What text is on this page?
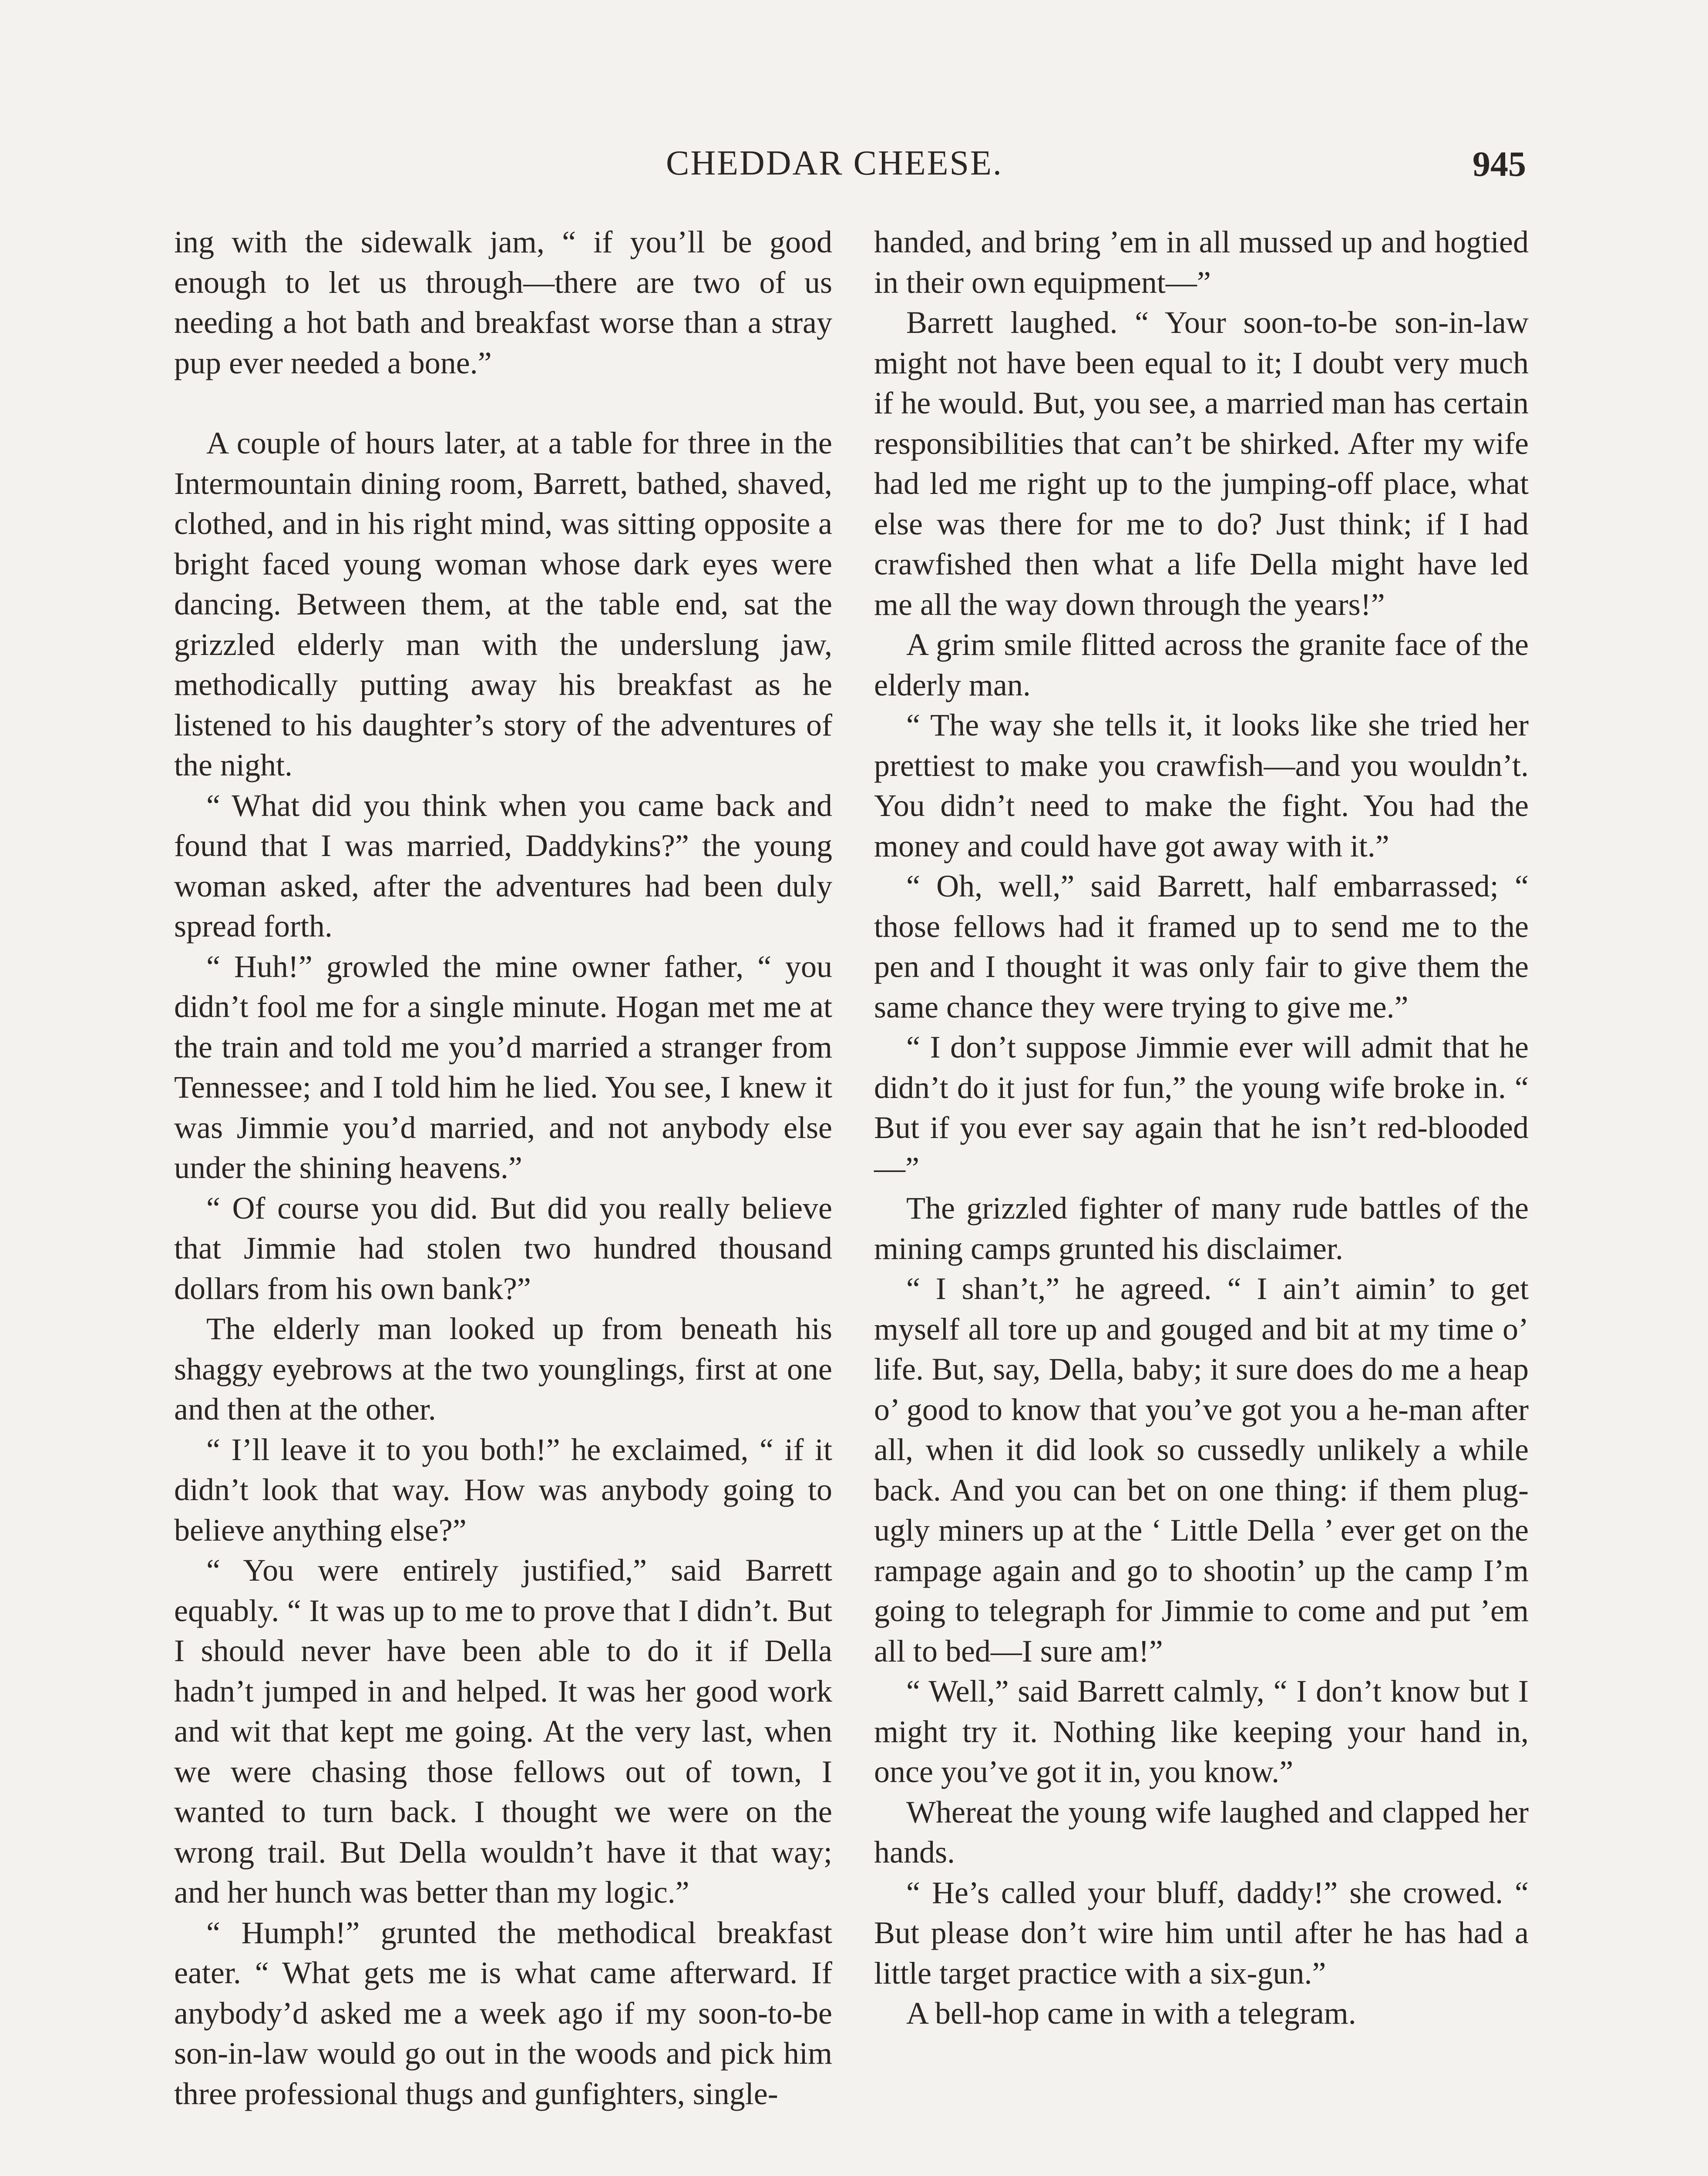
CHEDDAR CHEESE.	945

ing with the sidewalk jam, “ if you’ll be good enough to let us through—there are two of us needing a hot bath and breakfast worse than a stray pup ever needed a bone.”

A couple of hours later, at a table for three in the Intermountain dining room, Barrett, bathed, shaved, clothed, and in his right mind, was sitting opposite a bright faced young woman whose dark eyes were dancing. Between them, at the table end, sat the grizzled elderly man with the underslung jaw, methodically putting away his breakfast as he listened to his daughter’s story of the adventures of the night.

“ What did you think when you came back and found that I was married, Daddykins?” the young woman asked, after the adventures had been duly spread forth.

“ Huh!” growled the mine owner father, “ you didn’t fool me for a single minute. Hogan met me at the train and told me you’d married a stranger from Tennessee; and I told him he lied. You see, I knew it was Jimmie you’d married, and not anybody else under the shining heavens.”

“ Of course you did. But did you really believe that Jimmie had stolen two hundred thousand dollars from his own bank?”

The elderly man looked up from beneath his shaggy eyebrows at the two younglings, first at one and then at the other.

“ I’ll leave it to you both!” he exclaimed, “ if it didn’t look that way. How was anybody going to believe anything else?”

“ You were entirely justified,” said Barrett equably. “ It was up to me to prove that I didn’t. But I should never have been able to do it if Della hadn’t jumped in and helped. It was her good work and wit that kept me going. At the very last, when we were chasing those fellows out of town, I wanted to turn back. I thought we were on the wrong trail. But Della wouldn’t have it that way; and her hunch was better than my logic.”

“ Humph!” grunted the methodical breakfast eater. “ What gets me is what came afterward. If anybody’d asked me a week ago if my soon-to-be son-in-law would go out in the woods and pick him three professional thugs and gunfighters, single-

handed, and bring ’em in all mussed up and hogtied in their own equipment—”

Barrett laughed. “ Your soon-to-be son-in-law might not have been equal to it; I doubt very much if he would. But, you see, a married man has certain responsibilities that can’t be shirked. After my wife had led me right up to the jumping-off place, what else was there for me to do? Just think; if I had crawfished then what a life Della might have led me all the way down through the years!”

A grim smile flitted across the granite face of the elderly man.

“ The way she tells it, it looks like she tried her prettiest to make you crawfish—and you wouldn’t. You didn’t need to make the fight. You had the money and could have got away with it.”

“ Oh, well,” said Barrett, half embarrassed; “ those fellows had it framed up to send me to the pen and I thought it was only fair to give them the same chance they were trying to give me.”

“ I don’t suppose Jimmie ever will admit that he didn’t do it just for fun,” the young wife broke in. “ But if you ever say again that he isn’t red-blooded—”

The grizzled fighter of many rude battles of the mining camps grunted his disclaimer.

“ I shan’t,” he agreed. “ I ain’t aimin’ to get myself all tore up and gouged and bit at my time o’ life. But, say, Della, baby; it sure does do me a heap o’ good to know that you’ve got you a he-man after all, when it did look so cussedly unlikely a while back. And you can bet on one thing: if them plug-ugly miners up at the ‘ Little Della ’ ever get on the rampage again and go to shootin’ up the camp I’m going to telegraph for Jimmie to come and put ’em all to bed—I sure am!”

“ Well,” said Barrett calmly, “ I don’t know but I might try it. Nothing like keeping your hand in, once you’ve got it in, you know.”

Whereat the young wife laughed and clapped her hands.

“ He’s called your bluff, daddy!” she crowed. “ But please don’t wire him until after he has had a little target practice with a six-gun.”

A bell-hop came in with a telegram.
